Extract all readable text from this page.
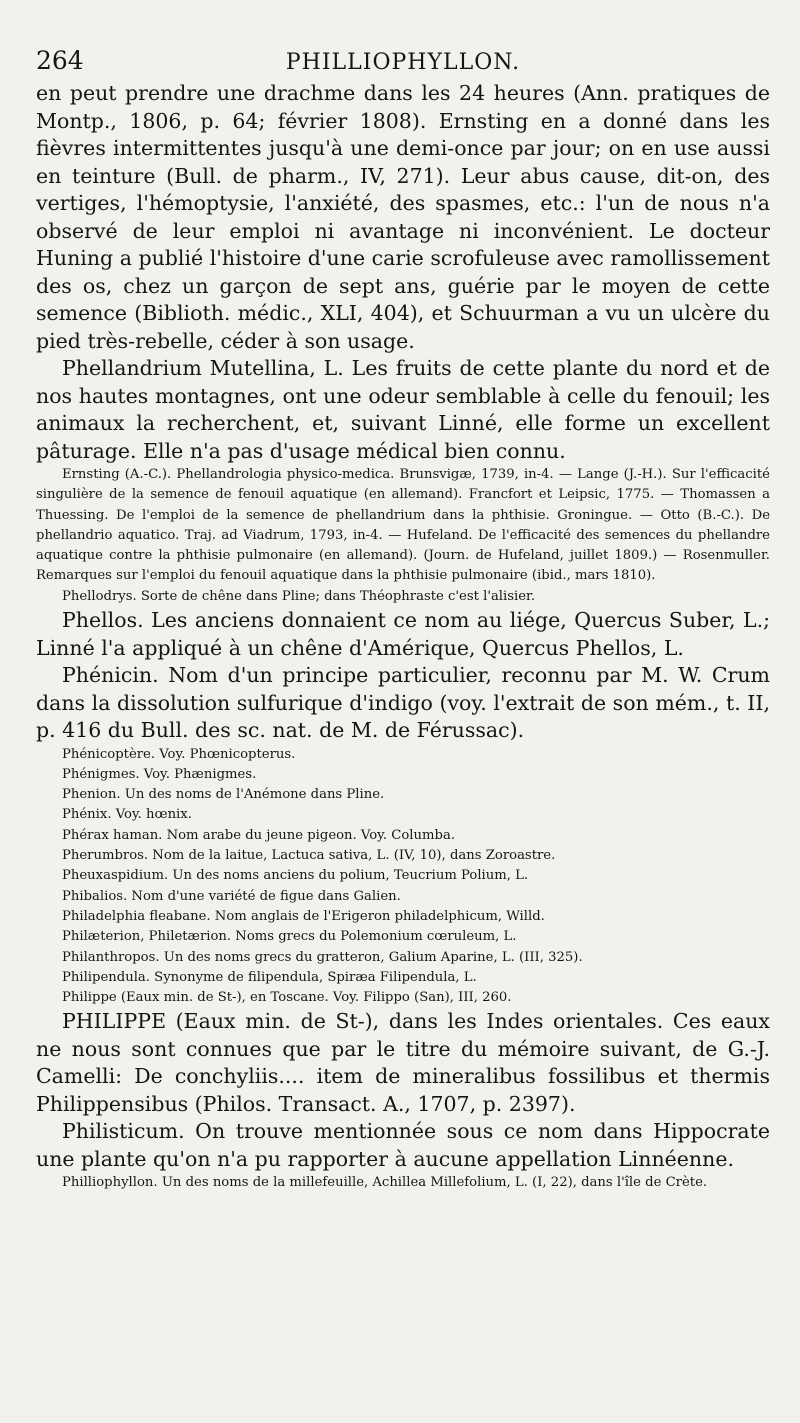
264	PHILLIOPHYLLON.

en peut prendre une drachme dans les 24 heures (Ann. pratiques de Montp., 1806, p. 64; février 1808). Ernsting en a donné dans les fièvres intermittentes jusqu'à une demi-once par jour; on en use aussi en teinture (Bull. de pharm., IV, 271). Leur abus cause, dit-on, des vertiges, l'hémoptysie, l'anxiété, des spasmes, etc.: l'un de nous n'a observé de leur emploi ni avantage ni inconvénient. Le docteur Huning a publié l'histoire d'une carie scrofuleuse avec ramollissement des os, chez un garçon de sept ans, guérie par le moyen de cette semence (Biblioth. médic., XLI, 404), et Schuurman a vu un ulcère du pied très-rebelle, céder à son usage.

Phellandrium Mutellina, L. Les fruits de cette plante du nord et de nos hautes montagnes, ont une odeur semblable à celle du fenouil; les animaux la recherchent, et, suivant Linné, elle forme un excellent pâturage. Elle n'a pas d'usage médical bien connu.

Ernsting (A.-C.). Phellandrologia physico-medica. Brunsvigæ, 1739, in-4. — Lange (J.-H.). Sur l'efficacité singulière de la semence de fenouil aquatique (en allemand). Francfort et Leipsic, 1775. — Thomassen a Thuessing. De l'emploi de la semence de phellandrium dans la phthisie. Groningue. — Otto (B.-C.). De phellandrio aquatico. Traj. ad Viadrum, 1793, in-4. — Hufeland. De l'efficacité des semences du phellandre aquatique contre la phthisie pulmonaire (en allemand). (Journ. de Hufeland, juillet 1809.) — Rosenmuller. Remarques sur l'emploi du fenouil aquatique dans la phthisie pulmonaire (ibid., mars 1810).

Phellodrys. Sorte de chêne dans Pline; dans Théophraste c'est l'alisier.

Phellos. Les anciens donnaient ce nom au liége, Quercus Suber, L.; Linné l'a appliqué à un chêne d'Amérique, Quercus Phellos, L.

Phénicin. Nom d'un principe particulier, reconnu par M. W. Crum dans la dissolution sulfurique d'indigo (voy. l'extrait de son mém., t. II, p. 416 du Bull. des sc. nat. de M. de Férussac).

Phénicoptère. Voy. Phœnicopterus.

Phénigmes. Voy. Phænigmes.

Phenion. Un des noms de l'Anémone dans Pline.

Phénix. Voy. hœnix.

Phérax haman. Nom arabe du jeune pigeon. Voy. Columba.

Pherumbros. Nom de la laitue, Lactuca sativa, L. (IV, 10), dans Zoroastre.

Pheuxaspidium. Un des noms anciens du polium, Teucrium Polium, L.

Phibalios. Nom d'une variété de figue dans Galien.

Philadelphia fleabane. Nom anglais de l'Erigeron philadelphicum, Willd.

Philæterion, Philetærion. Noms grecs du Polemonium cœruleum, L.

Philanthropos. Un des noms grecs du gratteron, Galium Aparine, L. (III, 325).

Philipendula. Synonyme de filipendula, Spiræa Filipendula, L.

Philippe (Eaux min. de St-), en Toscane. Voy. Filippo (San), III, 260.

PHILIPPE (Eaux min. de St-), dans les Indes orientales. Ces eaux ne nous sont connues que par le titre du mémoire suivant, de G.-J. Camelli: De conchyliis.... item de mineralibus fossilibus et thermis Philippensibus (Philos. Transact. A., 1707, p. 2397).

Philisticum. On trouve mentionnée sous ce nom dans Hippocrate une plante qu'on n'a pu rapporter à aucune appellation Linnéenne.

Philliophyllon. Un des noms de la millefeuille, Achillea Millefolium, L. (I, 22), dans l'île de Crète.
